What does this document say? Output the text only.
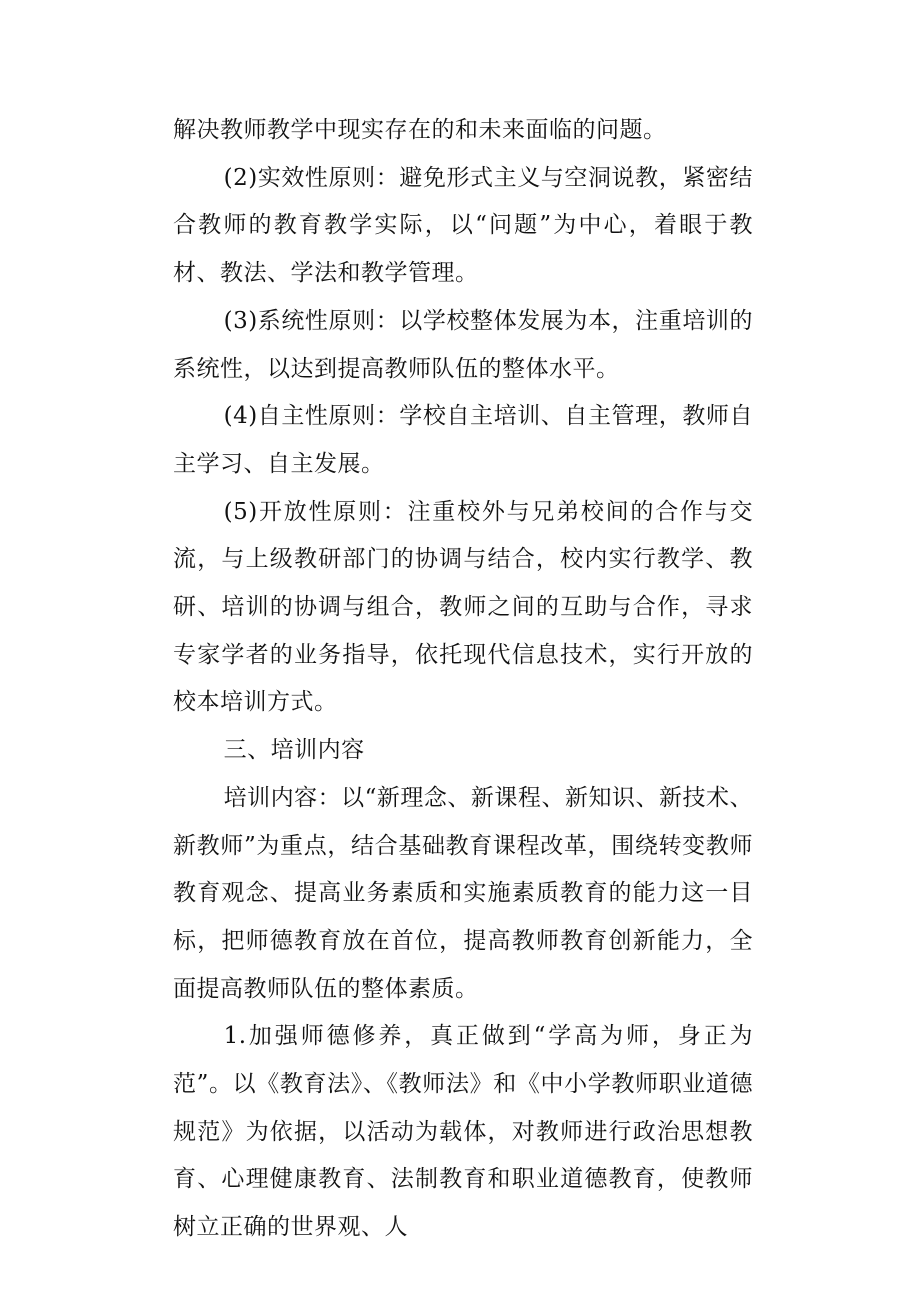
解决教师教学中现实存在的和未来面临的问题。

(2)实效性原则：避免形式主义与空洞说教，紧密结合教师的教育教学实际，以“问题”为中心，着眼于教材、教法、学法和教学管理。

(3)系统性原则：以学校整体发展为本，注重培训的系统性，以达到提高教师队伍的整体水平。

(4)自主性原则：学校自主培训、自主管理，教师自主学习、自主发展。

(5)开放性原则：注重校外与兄弟校间的合作与交流，与上级教研部门的协调与结合，校内实行教学、教研、培训的协调与组合，教师之间的互助与合作，寻求专家学者的业务指导，依托现代信息技术，实行开放的校本培训方式。

三、培训内容

培训内容：以“新理念、新课程、新知识、新技术、新教师”为重点，结合基础教育课程改革，围绕转变教师教育观念、提高业务素质和实施素质教育的能力这一目标，把师德教育放在首位，提高教师教育创新能力，全面提高教师队伍的整体素质。

1.加强师德修养，真正做到“学高为师，身正为范”。以《教育法》、《教师法》和《中小学教师职业道德规范》为依据，以活动为载体，对教师进行政治思想教育、心理健康教育、法制教育和职业道德教育，使教师树立正确的世界观、人
